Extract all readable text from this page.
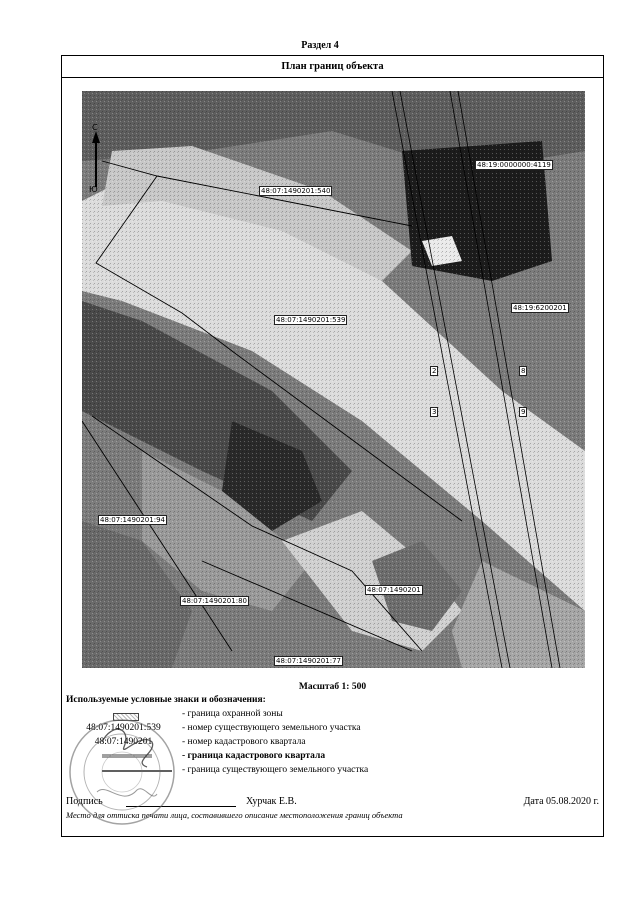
Раздел 4
План границ объекта
С
Ю
48:19:0000000:4119
48:07:1490201:540
48:19:6200201
48:07:1490201:539
48:07:1490201:94
48:07:1490201
48:07:1490201:80
48:07:1490201:77
2
3
8
9
Масштаб 1: 500
Используемые условные знаки и обозначения:
- граница охранной зоны
48:07:1490201:539	- номер существующего земельного участка
48:07:1490201	- номер кадастрового квартала
- граница кадастрового квартала
- граница существующего земельного участка
Подпись	Хурчак Е.В.	Дата 05.08.2020 г.
Место для оттиска печати лица, составившего описание местоположения границ объекта
